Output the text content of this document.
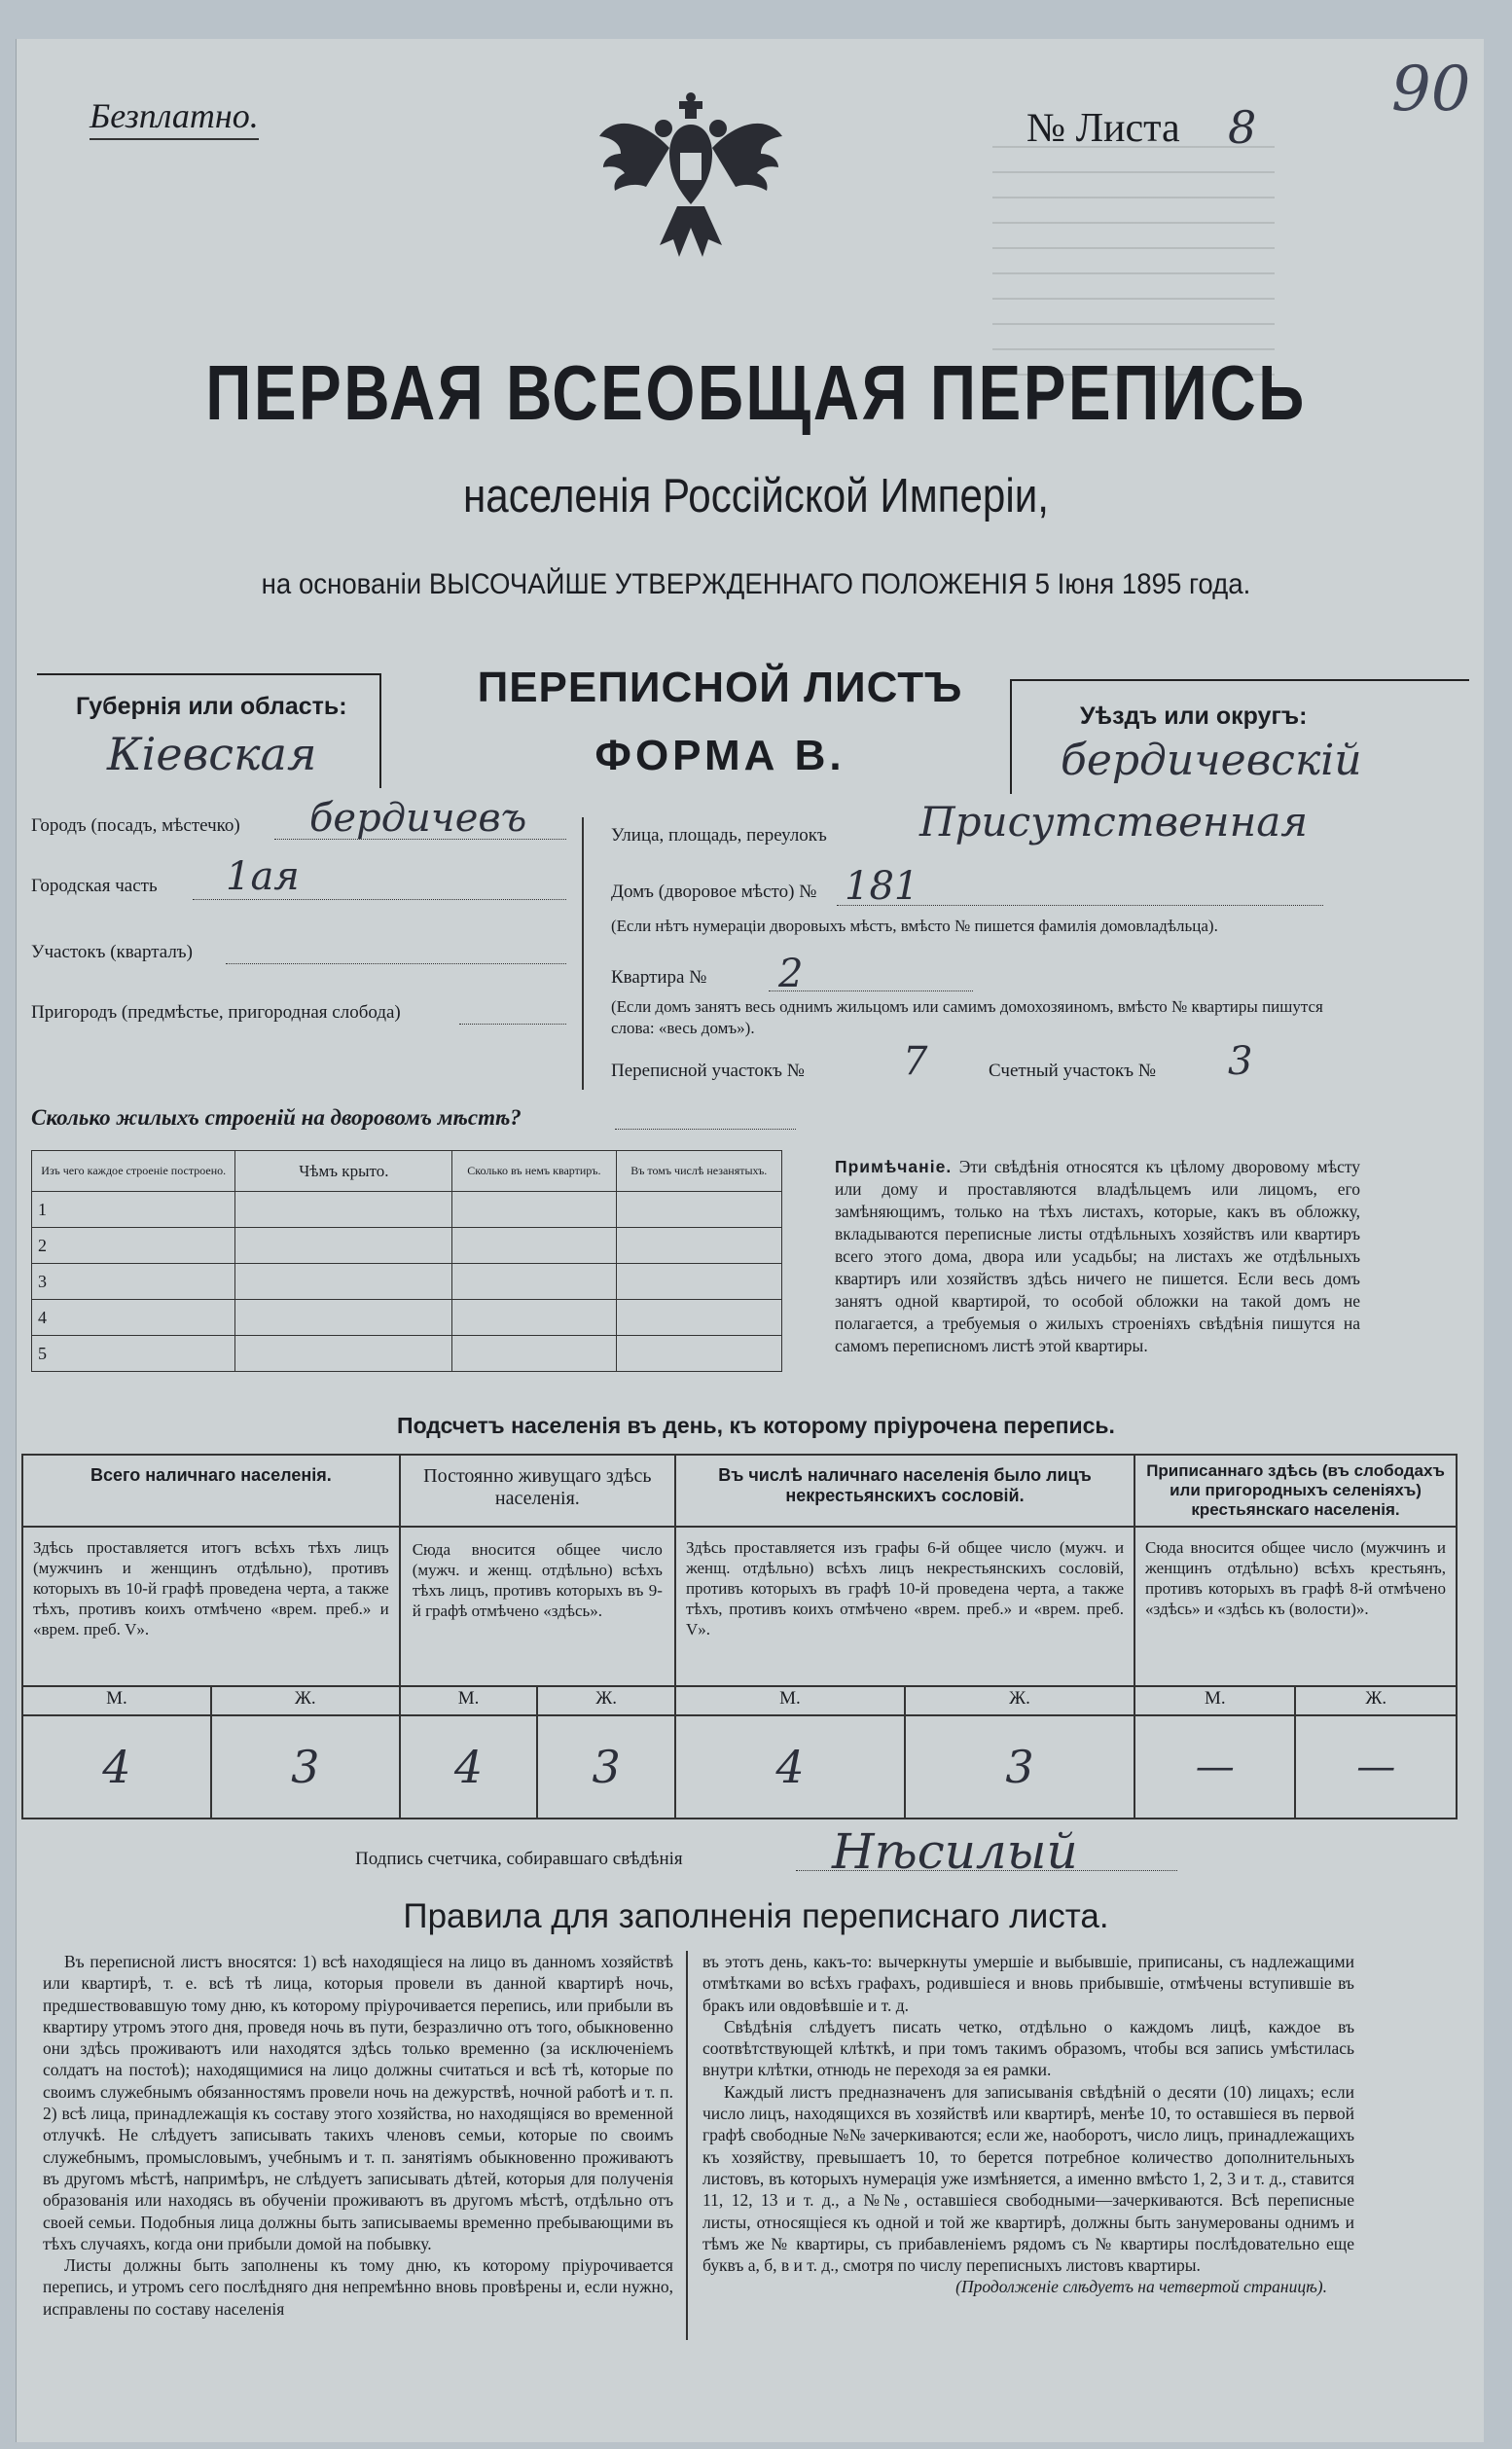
Безплатно.	№ Листа 8
90
ПЕРВАЯ ВСЕОБЩАЯ ПЕРЕПИСЬ
населенія Россійской Имперіи,
на основаніи ВЫСОЧАЙШЕ УТВЕРЖДЕННАГО ПОЛОЖЕНІЯ 5 Іюня 1895 года.
Губернія или область:
Кiевская
ПЕРЕПИСНОЙ ЛИСТЪ
ФОРМА В.
Уѣздъ или округъ:
бердичевскiй
Городъ (посадъ, мѣстечко) бердичевъ
Городская часть 1ая
Участокъ (кварталъ)
Пригородъ (предмѣстье, пригородная слобода)
Улица, площадь, переулокъ Присутственная
Домъ (дворовое мѣсто) № 181
(Если нѣтъ нумераціи дворовыхъ мѣстъ, вмѣсто № пишется фамилія домовладѣльца).
Квартира № 2
(Если домъ занятъ весь однимъ жильцомъ или самимъ домохозяиномъ, вмѣсто № квартиры пишутся слова: «весь домъ»).
Переписной участокъ №	7	Счетный участокъ № 3
Сколько жилыхъ строеній на дворовомъ мѣстѣ?
Изъ чего каждое строеніе построено.	Чѣмъ крыто.	Сколько въ немъ квартиръ.	Въ томъ числѣ незанятыхъ.
1			
2			
3			
4			
5			
Примѣчаніе. Эти свѣдѣнія относятся къ цѣлому дворовому мѣсту или дому и проставляются владѣльцемъ или лицомъ, его замѣняющимъ, только на тѣхъ листахъ, которые, какъ въ обложку, вкладываются переписные листы отдѣльныхъ хозяйствъ или квартиръ всего этого дома, двора или усадьбы; на листахъ же отдѣльныхъ квартиръ или хозяйствъ здѣсь ничего не пишется. Если весь домъ занятъ одной квартирой, то особой обложки на такой домъ не полагается, а требуемыя о жилыхъ строеніяхъ свѣдѣнія пишутся на самомъ переписномъ листѣ этой квартиры.
Подсчетъ населенія въ день, къ которому пріурочена перепись.
Всего наличнаго населенія.		Постоянно живущаго здѣсь населенія.		Въ числѣ наличнаго населенія было лицъ некрестьянскихъ сословій.		Приписаннаго здѣсь (въ слободахъ или пригородныхъ селеніяхъ) крестьянскаго населенія.	
Здѣсь проставляется итогъ всѣхъ тѣхъ лицъ (мужчинъ и женщинъ отдѣльно), противъ которыхъ въ 10-й графѣ проведена черта, а также тѣхъ, противъ коихъ отмѣчено «врем. преб.» и «врем. преб. V».		Сюда вносится общее число (мужч. и женщ. отдѣльно) всѣхъ тѣхъ лицъ, противъ которыхъ въ 9-й графѣ отмѣчено «здѣсь».		Здѣсь проставляется изъ графы 6-й общее число (мужч. и женщ. отдѣльно) всѣхъ лицъ некрестьянскихъ сословій, противъ которыхъ въ графѣ 10-й проведена черта, а также тѣхъ, противъ коихъ отмѣчено «врем. преб.» и «врем. преб. V».		Сюда вносится общее число (мужчинъ и женщинъ отдѣльно) всѣхъ крестьянъ, противъ которыхъ въ графѣ 8-й отмѣчено «здѣсь» и «здѣсь къ (волости)».	
М.	Ж.	М.	Ж.	М.	Ж.	М.	Ж.
4	3	4	3	4	3	—	—
Подпись счетчика, собиравшаго свѣдѣнія	Нѣсилый
Правила для заполненія переписнаго листа.

Въ переписной листъ вносятся: 1) всѣ находящіеся на лицо въ данномъ хозяйствѣ или квартирѣ, т. е. всѣ тѣ лица, которыя провели въ данной квартирѣ ночь, предшествовавшую тому дню, къ которому пріурочивается перепись, или прибыли въ квартиру утромъ этого дня, проведя ночь въ пути, безразлично отъ того, обыкновенно они здѣсь проживаютъ или находятся здѣсь только временно (за исключеніемъ солдатъ на постоѣ); находящимися на лицо должны считаться и всѣ тѣ, которые по своимъ служебнымъ обязанностямъ провели ночь на дежурствѣ, ночной работѣ и т. п. 2) всѣ лица, принадлежащія къ составу этого хозяйства, но находящіяся во временной отлучкѣ. Не слѣдуетъ записывать такихъ членовъ семьи, которые по своимъ служебнымъ, промысловымъ, учебнымъ и т. п. занятіямъ обыкновенно проживаютъ въ другомъ мѣстѣ, напримѣръ, не слѣдуетъ записывать дѣтей, которыя для полученія образованія или находясь въ обученіи проживаютъ въ другомъ мѣстѣ, отдѣльно отъ своей семьи. Подобныя лица должны быть записываемы временно пребывающими въ тѣхъ случаяхъ, когда они прибыли домой на побывку.

Листы должны быть заполнены къ тому дню, къ которому пріурочивается перепись, и утромъ сего послѣдняго дня непремѣнно вновь провѣрены и, если нужно, исправлены по составу населенія

въ этотъ день, какъ-то: вычеркнуты умершіе и выбывшіе, приписаны, съ надлежащими отмѣтками во всѣхъ графахъ, родившіеся и вновь прибывшіе, отмѣчены вступившіе въ бракъ или овдовѣвшіе и т. д.

Свѣдѣнія слѣдуетъ писать четко, отдѣльно о каждомъ лицѣ, каждое въ соотвѣтствующей клѣткѣ, и при томъ такимъ образомъ, чтобы вся запись умѣстилась внутри клѣтки, отнюдь не переходя за ея рамки.

Каждый листъ предназначенъ для записыванія свѣдѣній о десяти (10) лицахъ; если число лицъ, находящихся въ хозяйствѣ или квартирѣ, менѣе 10, то оставшіеся въ первой графѣ свободные №№ зачеркиваются; если же, наоборотъ, число лицъ, принадлежащихъ къ хозяйству, превышаетъ 10, то берется потребное количество дополнительныхъ листовъ, въ которыхъ нумерація уже измѣняется, а именно вмѣсто 1, 2, 3 и т. д., ставится 11, 12, 13 и т. д., а №№, оставшіеся свободными—зачеркиваются. Всѣ переписные листы, относящіеся къ одной и той же квартирѣ, должны быть занумерованы однимъ и тѣмъ же № квартиры, съ прибавленіемъ рядомъ съ № квартиры послѣдовательно еще буквъ а, б, в и т. д., смотря по числу переписныхъ листовъ квартиры.

(Продолженіе слѣдуетъ на четвертой страницѣ).
